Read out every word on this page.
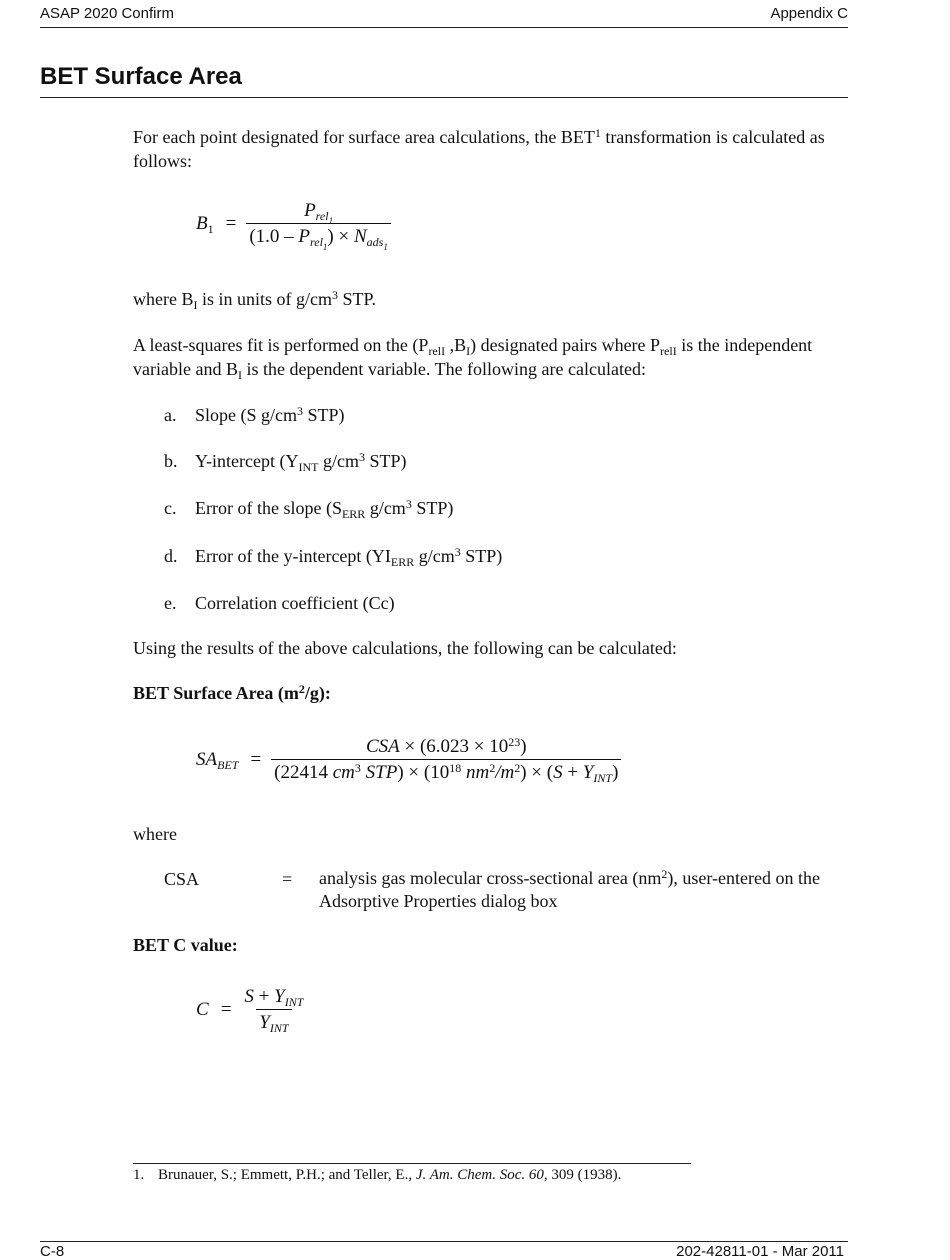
ASAP 2020 Confirm	Appendix C
BET Surface Area
For each point designated for surface area calculations, the BET$^1$ transformation is calculated as follows:
$B_1 = \frac{P_{rel_1}}{(1.0 - P_{rel_1}) \times N_{ads_1}}$
where $B_I$ is in units of $g/cm^3$ STP.
A least-squares fit is performed on the ($P_{relI}$ $,B_I$) designated pairs where $P_{relI}$ is the independent variable and $B_I$ is the dependent variable. The following are calculated:
a. Slope (S $g/cm^3$ STP)
b. Y-intercept ($Y_{INT}$ $g/cm^3$ STP)
c. Error of the slope ($S_{ERR}$ $g/cm^3$ STP)
d. Error of the y-intercept ($YI_{ERR}$ $g/cm^3$ STP)
e. Correlation coefficient (Cc)
Using the results of the above calculations, the following can be calculated:
BET Surface Area $(m^2/g)$:
$SA_{BET} = \frac{CSA \times (6.023 \times 10^{23})}{(22414 cm^3 STP) \times (10^{18} nm^2/m^2) \times (S + Y_{INT})}$
where
CSA	= analysis gas molecular cross-sectional area $(nm^2)$, user-entered on the Adsorptive Properties dialog box
BET C value:
$C = \frac{S + Y_{INT}}{Y_{INT}}$
1. Brunauer, S.; Emmett, P.H.; and Teller, E., J. Am. Chem. Soc. 60, 309 (1938).
C-8	202-42811-01 - Mar 2011
